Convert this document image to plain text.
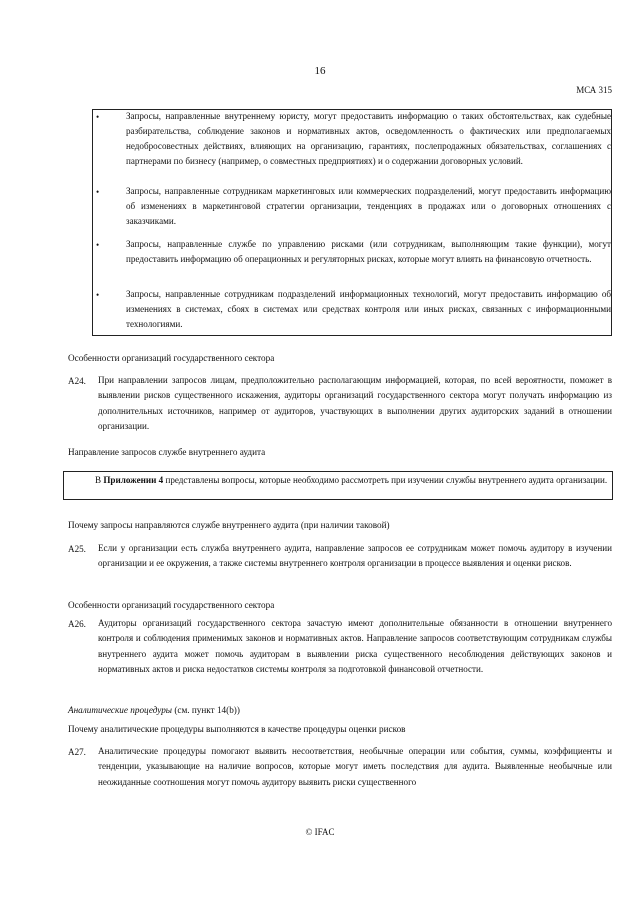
16
МСА 315
•	Запросы, направленные внутреннему юристу, могут предоставить информацию о таких обстоятельствах, как судебные разбирательства, соблюдение законов и нормативных актов, осведомленность о фактических или предполагаемых недобросовестных действиях, влияющих на организацию, гарантиях, послепродажных обязательствах, соглашениях с партнерами по бизнесу (например, о совместных предприятиях) и о содержании договорных условий.
•	Запросы, направленные сотрудникам маркетинговых или коммерческих подразделений, могут предоставить информацию об изменениях в маркетинговой стратегии организации, тенденциях в продажах или о договорных отношениях с заказчиками.
•	Запросы, направленные службе по управлению рисками (или сотрудникам, выполняющим такие функции), могут предоставить информацию об операционных и регуляторных рисках, которые могут влиять на финансовую отчетность.
•	Запросы, направленные сотрудникам подразделений информационных технологий, могут предоставить информацию об изменениях в системах, сбоях в системах или средствах контроля или иных рисках, связанных с информационными технологиями.
Особенности организаций государственного сектора
A24. При направлении запросов лицам, предположительно располагающим информацией, которая, по всей вероятности, поможет в выявлении рисков существенного искажения, аудиторы организаций государственного сектора могут получать информацию из дополнительных источников, например от аудиторов, участвующих в выполнении других аудиторских заданий в отношении организации.
Направление запросов службе внутреннего аудита
В Приложении 4 представлены вопросы, которые необходимо рассмотреть при изучении службы внутреннего аудита организации.
Почему запросы направляются службе внутреннего аудита (при наличии таковой)
A25. Если у организации есть служба внутреннего аудита, направление запросов ее сотрудникам может помочь аудитору в изучении организации и ее окружения, а также системы внутреннего контроля организации в процессе выявления и оценки рисков.
Особенности организаций государственного сектора
A26. Аудиторы организаций государственного сектора зачастую имеют дополнительные обязанности в отношении внутреннего контроля и соблюдения применимых законов и нормативных актов. Направление запросов соответствующим сотрудникам службы внутреннего аудита может помочь аудиторам в выявлении риска существенного несоблюдения действующих законов и нормативных актов и риска недостатков системы контроля за подготовкой финансовой отчетности.
Аналитические процедуры (см. пункт 14(b))
Почему аналитические процедуры выполняются в качестве процедуры оценки рисков
A27. Аналитические процедуры помогают выявить несоответствия, необычные операции или события, суммы, коэффициенты и тенденции, указывающие на наличие вопросов, которые могут иметь последствия для аудита. Выявленные необычные или неожиданные соотношения могут помочь аудитору выявить риски существенного
© IFAC
